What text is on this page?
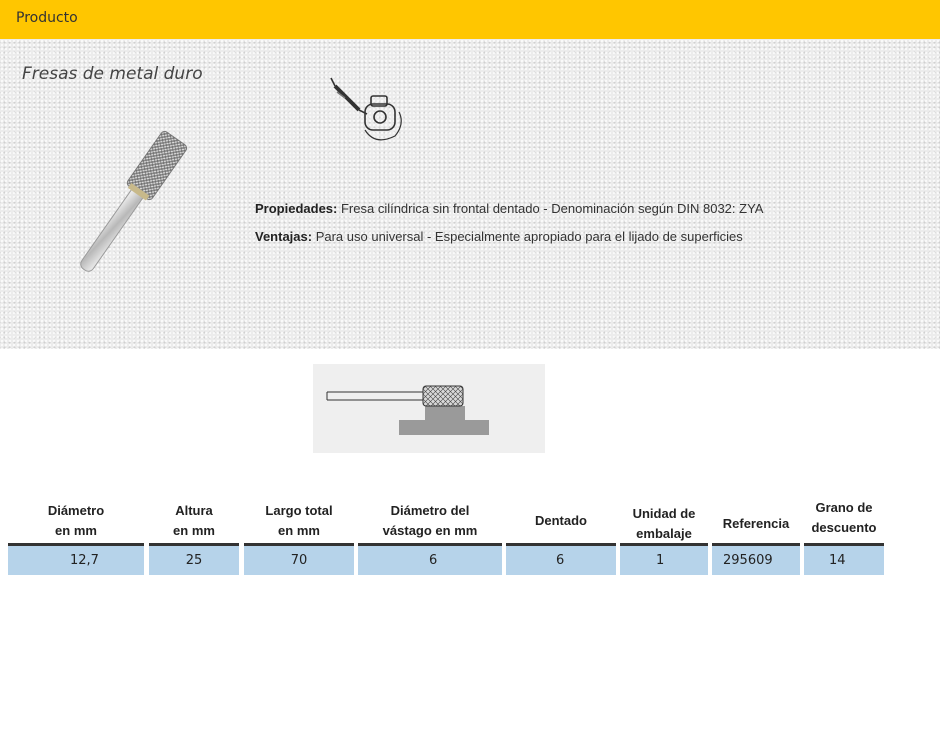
Producto
Fresas de metal duro
Propiedades: Fresa cilíndrica sin frontal dentado - Denominación según DIN 8032: ZYA
Ventajas: Para uso universal - Especialmente apropiado para el lijado de superficies
Diámetro
en mm
12,7
Altura
en mm
25
Largo total
en mm
70
Diámetro del
vástago en mm
6
Dentado
6
Unidad de
embalaje
1
Referencia
295609
Grano de
descuento
14
